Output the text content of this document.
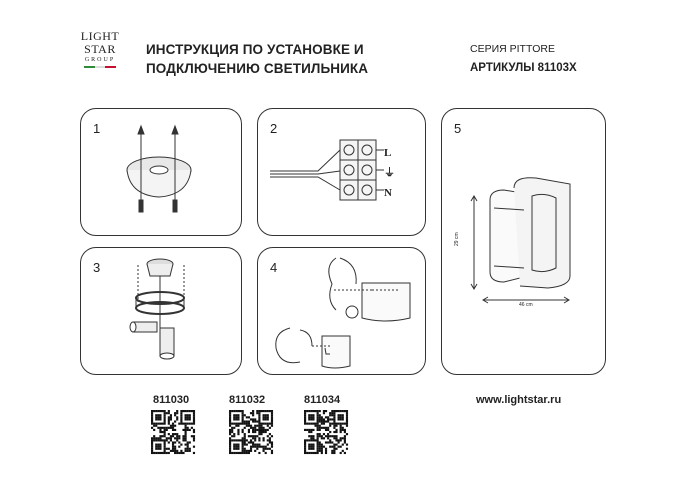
LIGHT
STAR
GROUP
ИНСТРУКЦИЯ ПО УСТАНОВКЕ И
ПОДКЛЮЧЕНИЮ СВЕТИЛЬНИКА
СЕРИЯ PITTORE
АРТИКУЛЫ 81103X
1	2
3	4
5
L
⏚
N
29 cm
46 cm
811030	811032	811034	www.lightstar.ru
